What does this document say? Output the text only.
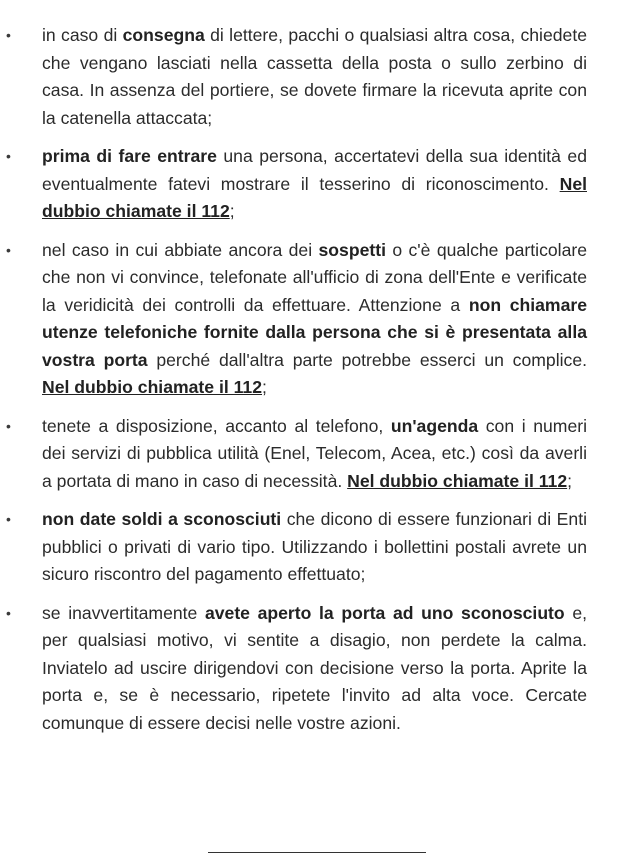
• in caso di consegna di lettere, pacchi o qualsiasi altra cosa, chiedete che vengano lasciati nella cassetta della posta o sullo zerbino di casa. In assenza del portiere, se dovete firmare la ricevuta aprite con la catenella attaccata;
• prima di fare entrare una persona, accertatevi della sua identità ed eventualmente fatevi mostrare il tesserino di riconoscimento. Nel dubbio chiamate il 112;
• nel caso in cui abbiate ancora dei sospetti o c'è qualche particolare che non vi convince, telefonate all'ufficio di zona dell'Ente e verificate la veridicità dei controlli da effettuare. Attenzione a non chiamare utenze telefoniche fornite dalla persona che si è presentata alla vostra porta perché dall'altra parte potrebbe esserci un complice. Nel dubbio chiamate il 112;
• tenete a disposizione, accanto al telefono, un'agenda con i numeri dei servizi di pubblica utilità (Enel, Telecom, Acea, etc.) così da averli a portata di mano in caso di necessità. Nel dubbio chiamate il 112;
• non date soldi a sconosciuti che dicono di essere funzionari di Enti pubblici o privati di vario tipo. Utilizzando i bollettini postali avrete un sicuro riscontro del pagamento effettuato;
• se inavvertitamente avete aperto la porta ad uno sconosciuto e, per qualsiasi motivo, vi sentite a disagio, non perdete la calma. Inviatelo ad uscire dirigendovi con decisione verso la porta. Aprite la porta e, se è necessario, ripetete l'invito ad alta voce. Cercate comunque di essere decisi nelle vostre azioni.
